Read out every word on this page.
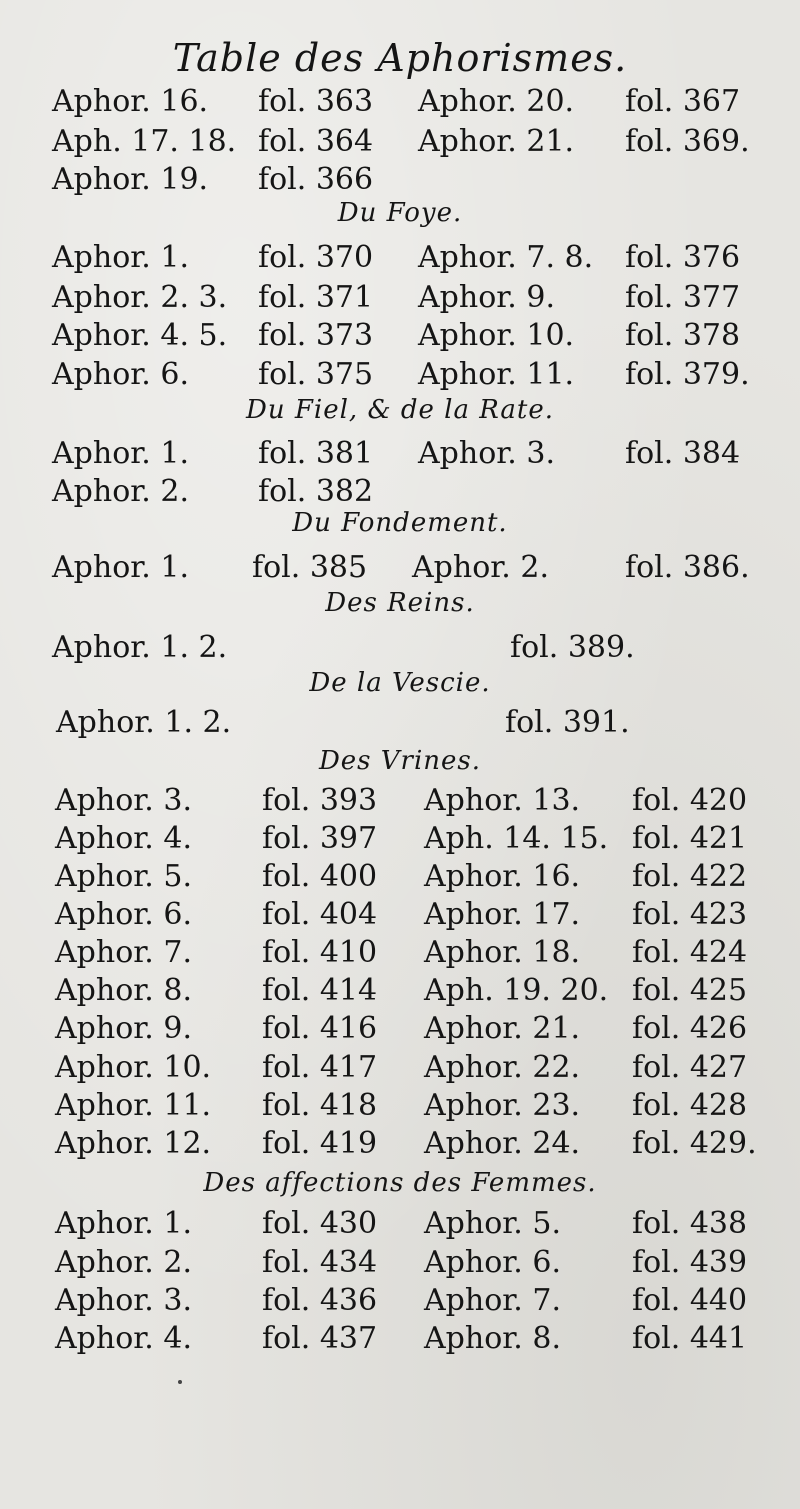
Table des Aphorismes.
Aphor. 16. fol. 363 Aphor. 20. fol. 367
Aph. 17. 18. fol. 364 Aphor. 21. fol. 369.
Aphor. 19. fol. 366
Du Foye.
Aphor. 1. fol. 370 Aphor. 7. 8. fol. 376
Aphor. 2. 3. fol. 371 Aphor. 9. fol. 377
Aphor. 4. 5. fol. 373 Aphor. 10. fol. 378
Aphor. 6. fol. 375 Aphor. 11. fol. 379.
Du Fiel, & de la Rate.
Aphor. 1. fol. 381 Aphor. 3. fol. 384
Aphor. 2. fol. 382
Du Fondement.
Aphor. 1. fol. 385 Aphor. 2.	fol. 386.
Des Reins.
Aphor. 1. 2.	fol. 389.
De la Vescie.
Aphor. 1. 2.	fol. 391.
Des Vrines.
Aphor. 3. fol. 393 Aphor. 13. fol. 420
Aphor. 4. fol. 397 Aph. 14. 15. fol. 421
Aphor. 5. fol. 400 Aphor. 16. fol. 422
Aphor. 6. fol. 404 Aphor. 17. fol. 423
Aphor. 7. fol. 410 Aphor. 18. fol. 424
Aphor. 8. fol. 414 Aph. 19. 20. fol. 425
Aphor. 9. fol. 416 Aphor. 21. fol. 426
Aphor. 10. fol. 417 Aphor. 22. fol. 427
Aphor. 11. fol. 418 Aphor. 23. fol. 428
Aphor. 12. fol. 419 Aphor. 24. fol. 429.
Des affections des Femmes.
Aphor. 1. fol. 430 Aphor. 5. fol. 438
Aphor. 2. fol. 434 Aphor. 6. fol. 439
Aphor. 3. fol. 436 Aphor. 7. fol. 440
Aphor. 4. fol. 437 Aphor. 8. fol. 441
